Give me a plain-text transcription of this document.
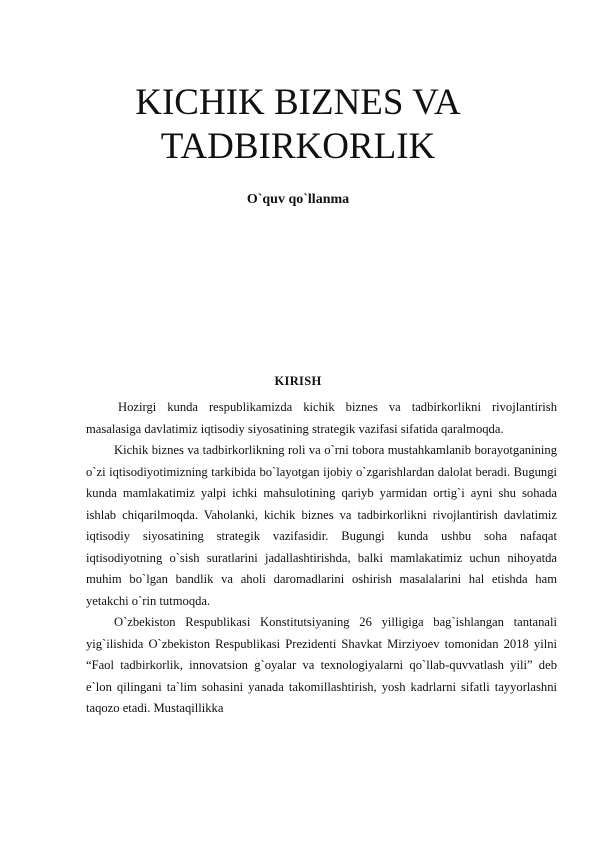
KICHIK BIZNES VA
TADBIRKORLIK
O`quv qo`llanma
KIRISH

Hozirgi kunda respublikamizda kichik biznes va tadbirkorlikni rivojlantirish masalasiga davlatimiz iqtisodiy siyosatining strategik vazifasi sifatida qaralmoqda.

Kichik biznes va tadbirkorlikning roli va o`rni tobora mustahkamlanib borayotganining o`zi iqtisodiyotimizning tarkibida bo`layotgan ijobiy o`zgarishlardan dalolat beradi. Bugungi kunda mamlakatimiz yalpi ichki mahsulotining qariyb yarmidan ortig`i ayni shu sohada ishlab chiqarilmoqda. Vaholanki, kichik biznes va tadbirkorlikni rivojlantirish davlatimiz iqtisodiy siyosatining strategik vazifasidir. Bugungi kunda ushbu soha nafaqat iqtisodiyotning o`sish suratlarini jadallashtirishda, balki mamlakatimiz uchun nihoyatda muhim bo`lgan bandlik va aholi daromadlarini oshirish masalalarini hal etishda ham yetakchi o`rin tutmoqda.

O`zbekiston Respublikasi Konstitutsiyaning 26 yilligiga bag`ishlangan tantanali yig`ilishida O`zbekiston Respublikasi Prezidenti Shavkat Mirziyoev tomonidan 2018 yilni “Faol tadbirkorlik, innovatsion g`oyalar va texnologiyalarni qo`llab-quvvatlash yili” deb e`lon qilingani ta`lim sohasini yanada takomillashtirish, yosh kadrlarni sifatli tayyorlashni taqozo etadi. Mustaqillikka
